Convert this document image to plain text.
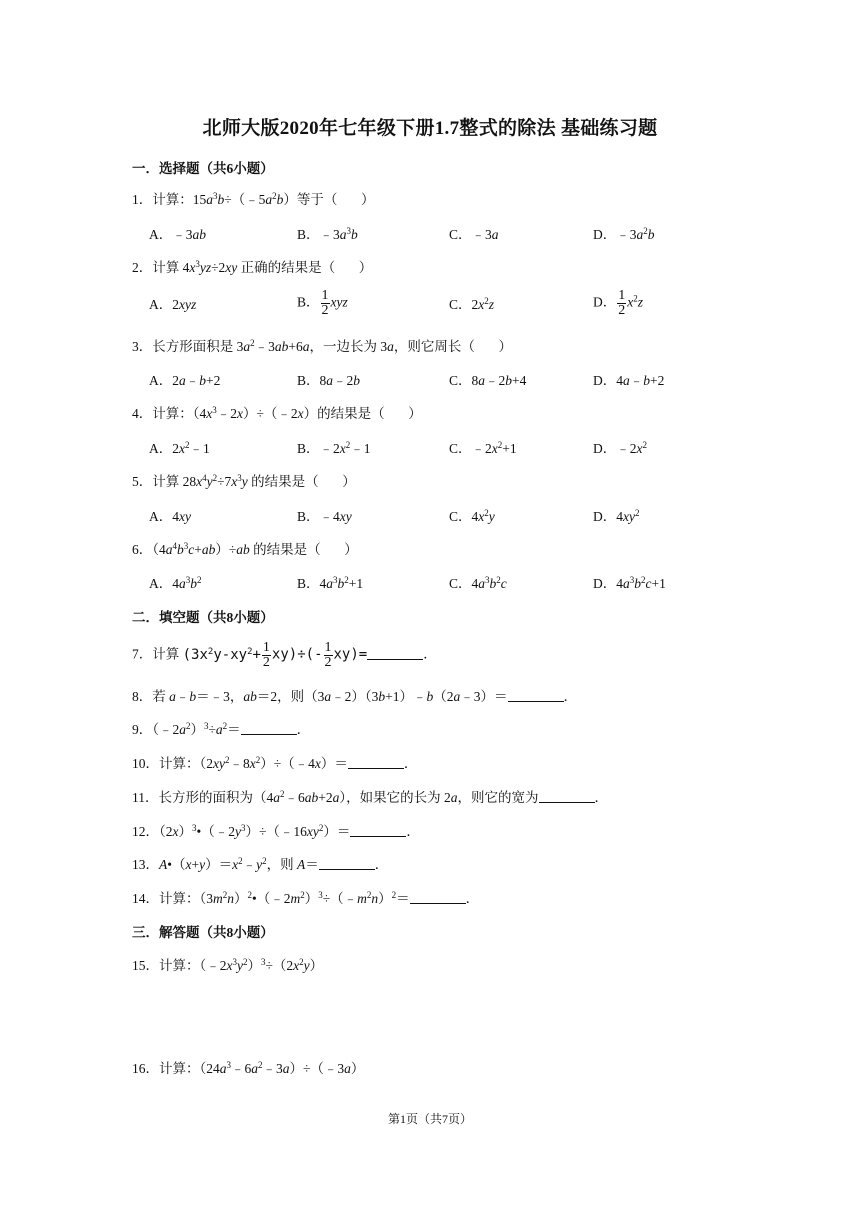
北师大版2020年七年级下册1.7整式的除法 基础练习题
一．选择题（共6小题）
1．计算：$15a^3b\div(﹣5a^2b)$等于（       ）
A．﹣3ab	B．$﹣3a^3b$	C．﹣3a	D．$﹣3a^2b$
2．计算 $4x^3yz\div 2xy$ 正确的结果是（       ）
A．2xyz	B． $\frac{1}{2}$ xyz	C．$2x^2z$	D． $\frac{1}{2} x^2z$
3．长方形面积是 $3a^2﹣3ab+6a$，一边长为 3a，则它周长（       ）
A．2a﹣b+2	B．8a﹣2b	C．8a﹣2b+4	D．4a﹣b+2
4．计算：$(4x^3﹣2x)\div(﹣2x)$的结果是（       ）
A．$2x^2﹣1$	B．$﹣2x^2﹣1$	C．$﹣2x^2+1$	D．$﹣2x^2$
5．计算 $28x^4y^2\div 7x^3y$ 的结果是（       ）
A．4xy	B．﹣4xy	C．$4x^2y$	D．$4xy^2$
6．$(4a^4b^3c+ab)\div ab$ 的结果是（       ）
A．$4a^3b^2$	B．$4a^3b^2+1$	C．$4a^3b^2c$	D．$4a^3b^2c+1$
二．填空题（共8小题）
7．计算 $(3x^2y-xy^2+ \frac{1}{2} xy)\div(- \frac{1}{2} xy)=$	．
8．若 a﹣b＝﹣3，ab＝2，则（3a﹣2）（3b+1）﹣b（2a﹣3）＝	．
9．$(﹣2a^2)^3\div a^2=$	．
10．计算：$(2xy^2﹣8x^2)\div(﹣4x)=$	．
11．长方形的面积为$(4a^2﹣6ab+2a)$，如果它的长为 2a，则它的宽为	．
12．$(2x)^3•(﹣2y^3)\div(﹣16xy^2)=$	．
13．$A•(x+y)=x^2﹣y^2$，则 A＝	．
14．计算：$(3m^2n)^2•(﹣2m^2)^3\div(﹣m^2n)^2=$	．
三．解答题（共8小题）
15．计算：$(﹣2x^3y^2)^3\div(2x^2y)$
16．计算：$(24a^3﹣6a^2﹣3a)\div(﹣3a)$
第1页（共7页）
